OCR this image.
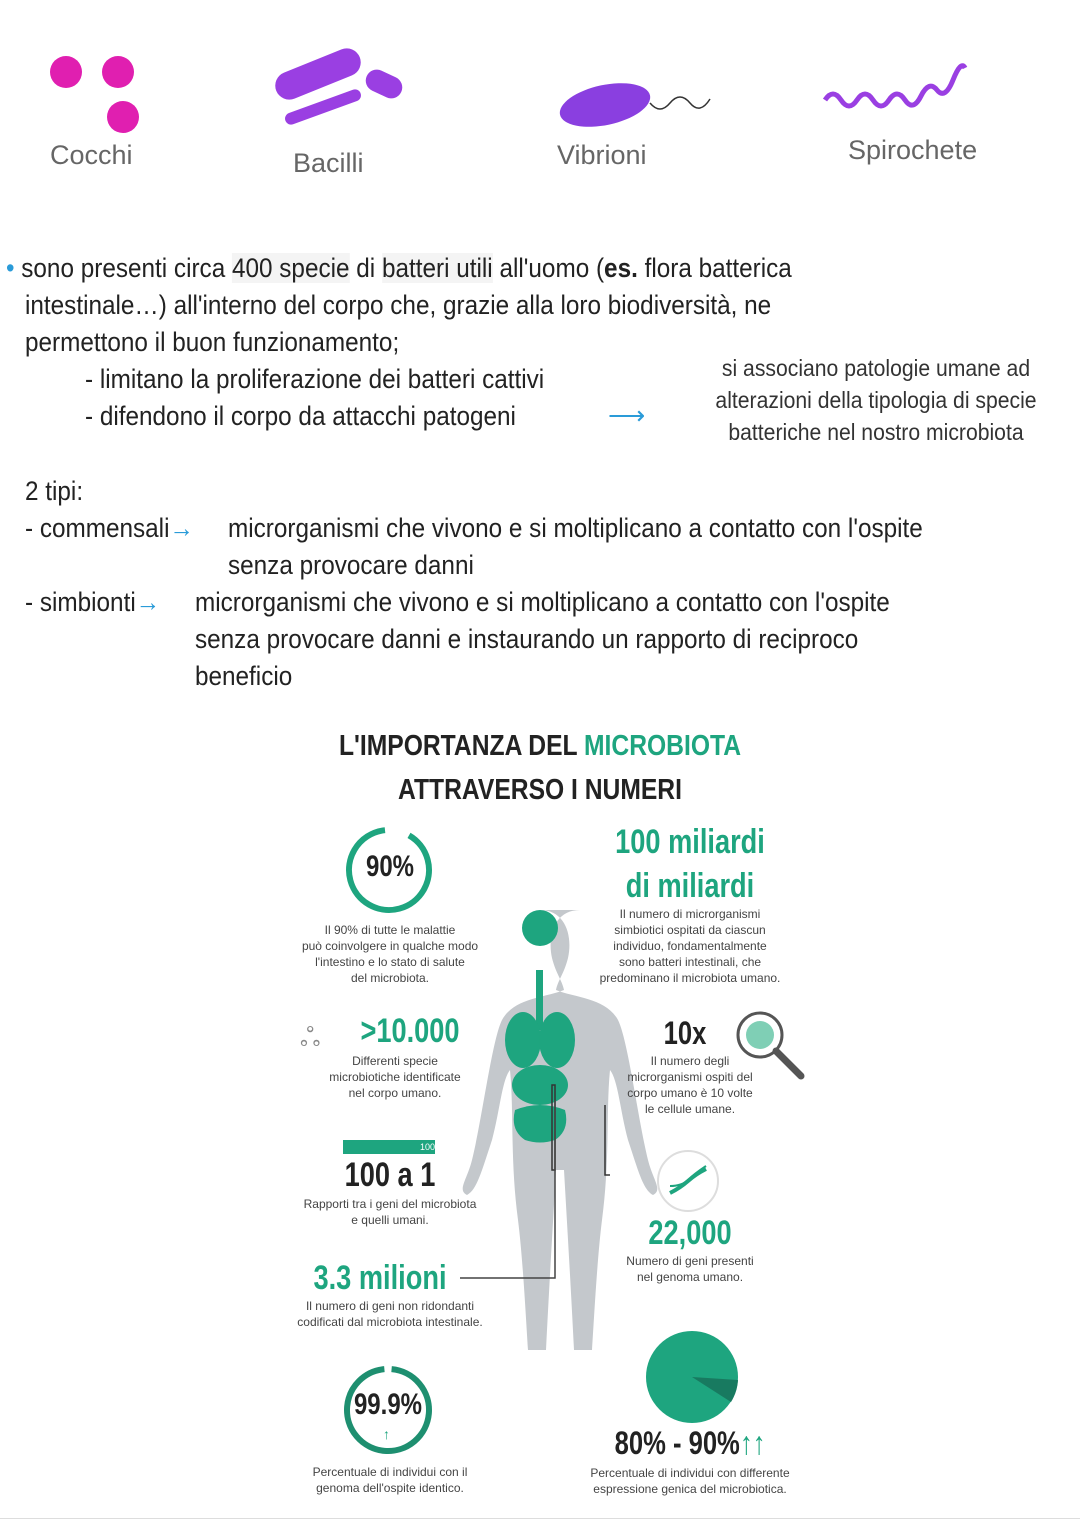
Cocchi	Bacilli	Vibrioni	Spirochete
• sono presenti circa 400 specie di batteri utili all'uomo (es. flora batterica
intestinale…) all'interno del corpo che, grazie alla loro biodiversità, ne
permettono il buon funzionamento;
- limitano la proliferazione dei batteri cattivi
- difendono il corpo da attacchi patogeni	⟶
si associano patologie umane ad
alterazioni della tipologia di specie
batteriche nel nostro microbiota
2 tipi:
- commensali→ microrganismi che vivono e si moltiplicano a contatto con l'ospite
senza provocare danni
- simbionti→ microrganismi che vivono e si moltiplicano a contatto con l'ospite
senza provocare danni e instaurando un rapporto di reciproco
beneficio
L'IMPORTANZA DEL MICROBIOTA
ATTRAVERSO I NUMERI
90%
Il 90% di tutte le malattie
può coinvolgere in qualche modo
l'intestino e lo stato di salute
del microbiota.
100 miliardi
di miliardi
Il numero di microrganismi
simbiotici ospitati da ciascun
individuo, fondamentalmente
sono batteri intestinali, che
predominano il microbiota umano.
ஃ	>10.000
Differenti specie
microbiotiche identificate
nel corpo umano.
10x
Il numero degli
microrganismi ospiti del
corpo umano è 10 volte
le cellule umane.
100
100 a 1
Rapporti tra i geni del microbiota
e quelli umani.	22,000
Numero di geni presenti
nel genoma umano.
3.3 milioni
Il numero di geni non ridondanti
codificati dal microbiota intestinale.
99.9%
↑
Percentuale di individui con il
genoma dell'ospite identico.
80% - 90%↑↑
Percentuale di individui con differente
espressione genica del microbiotica.
